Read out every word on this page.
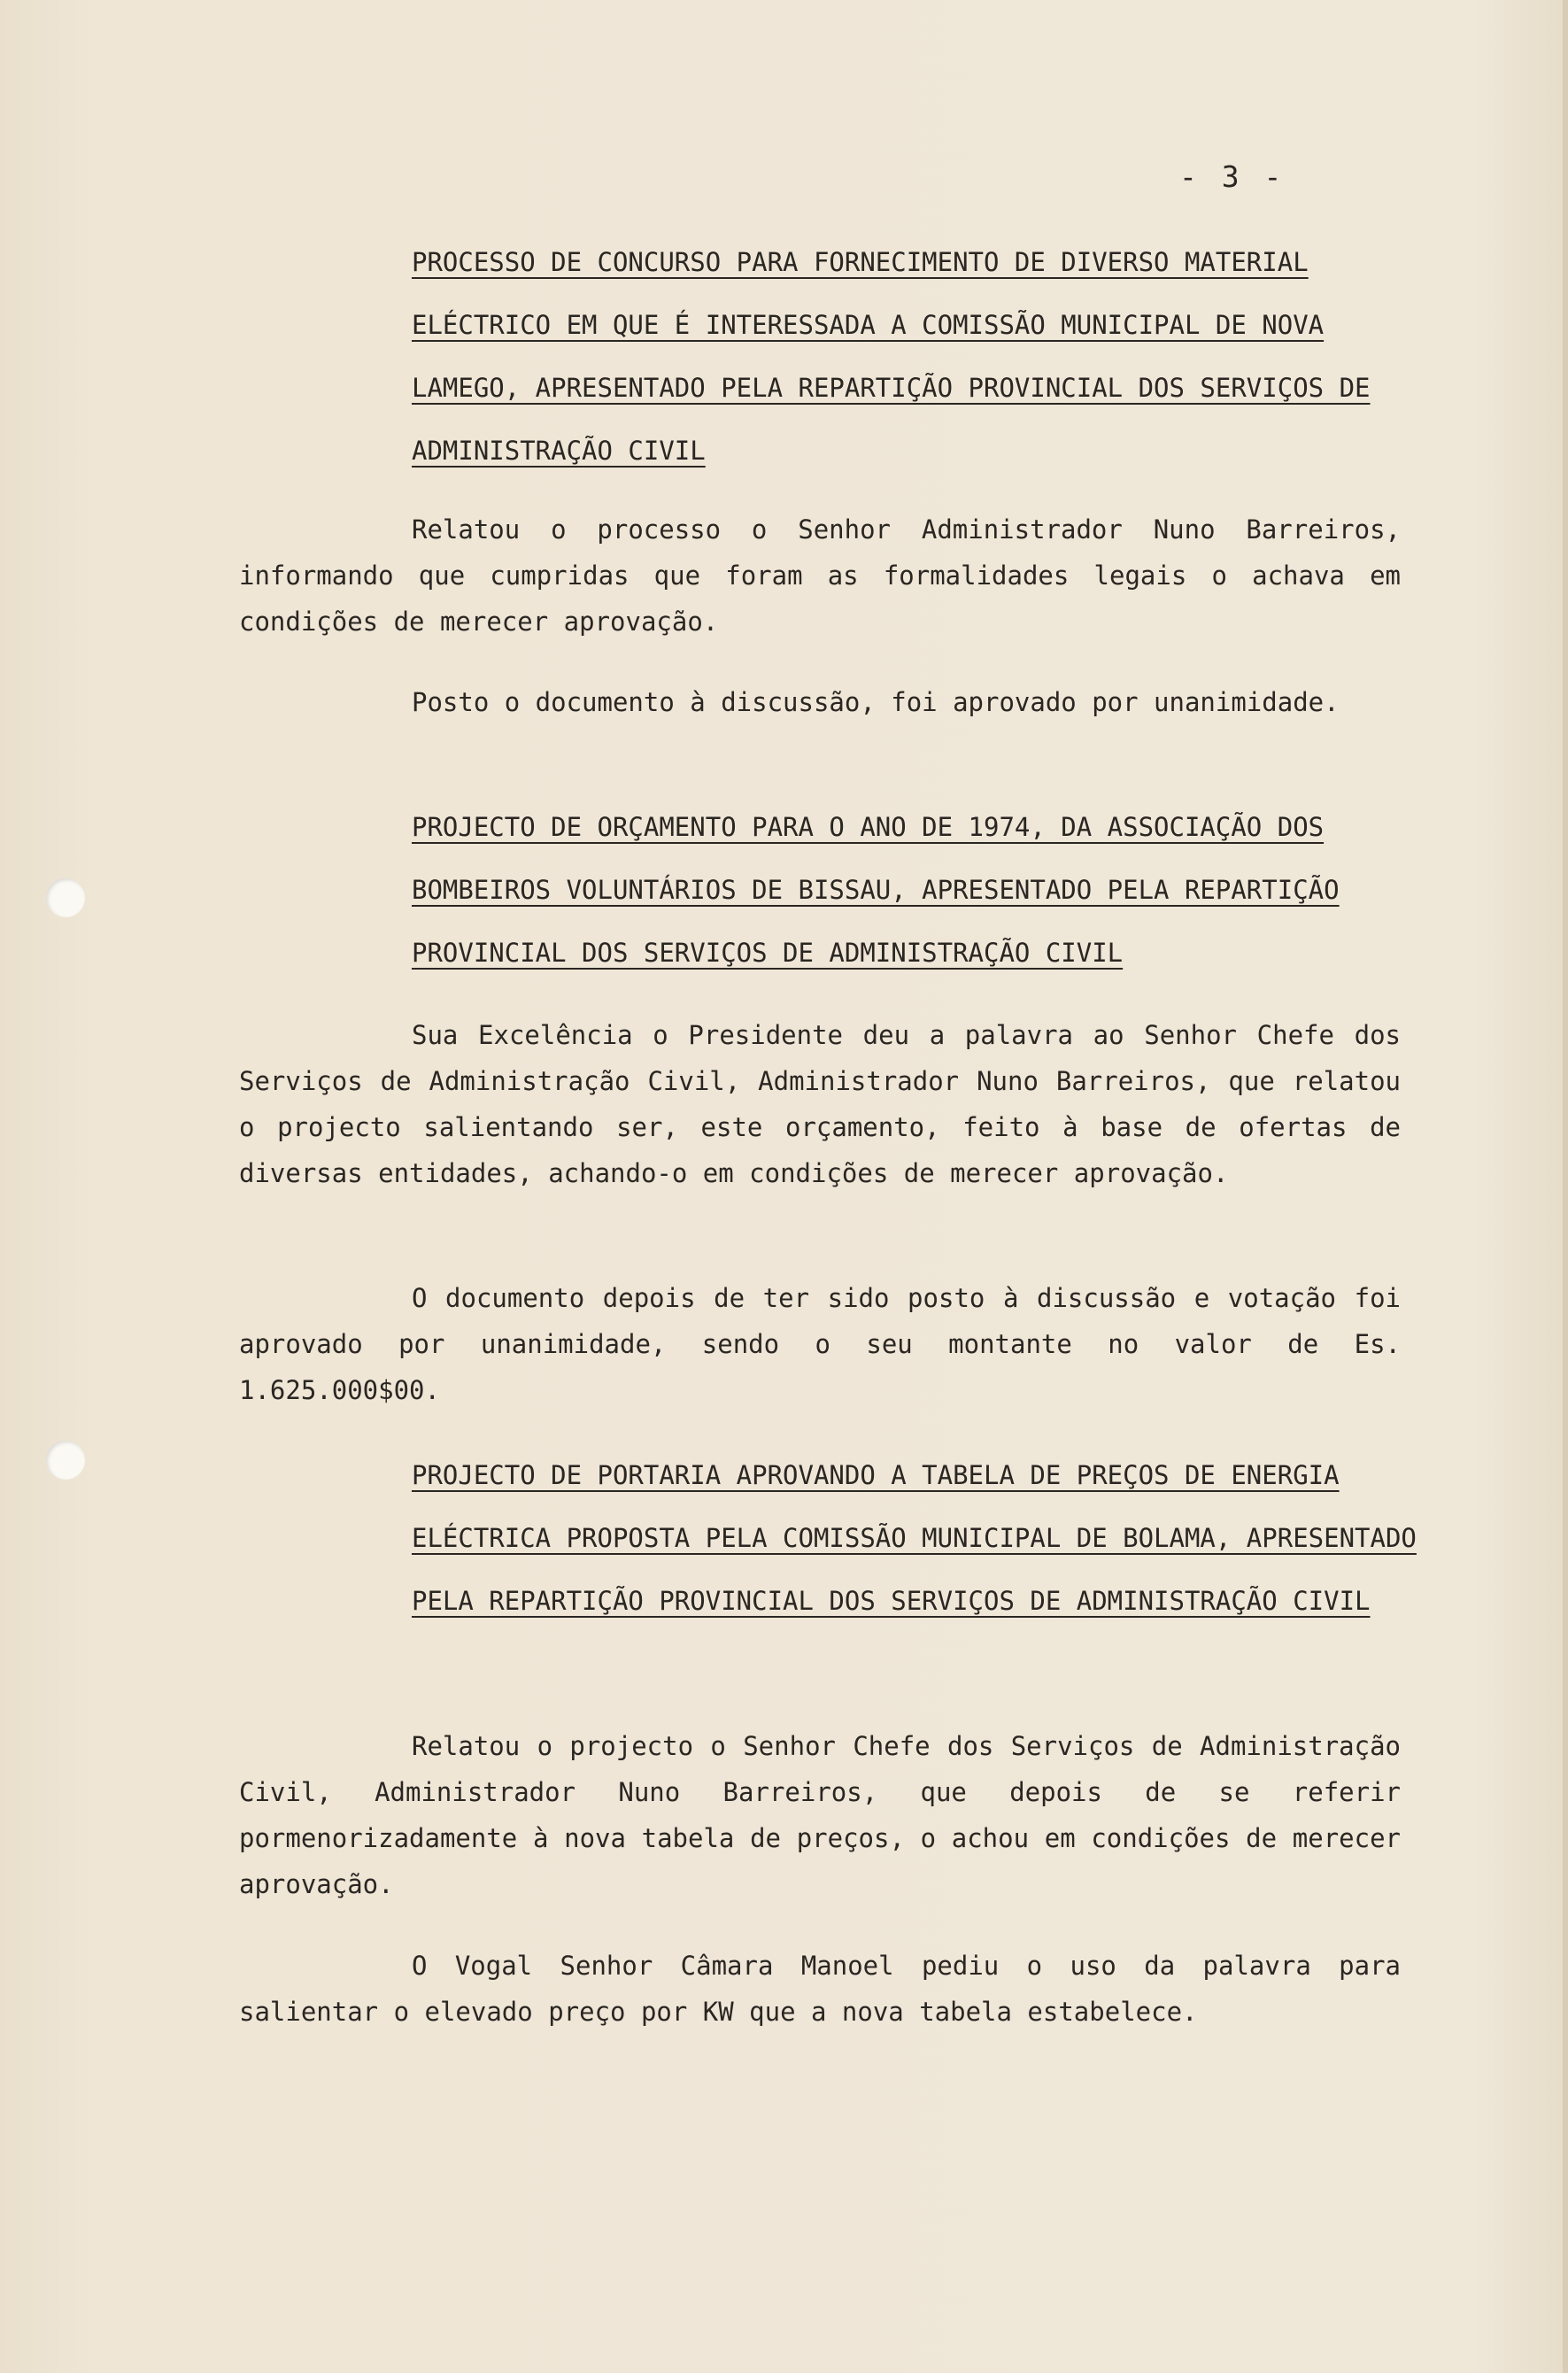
- 3 -
PROCESSO DE CONCURSO PARA FORNECIMENTO DE DIVERSO MATERIAL ELÉCTRICO EM QUE É INTERESSADA A COMISSÃO MUNICIPAL DE NOVA LAMEGO, APRESENTADO PELA REPARTIÇÃO PROVINCIAL DOS SERVIÇOS DE ADMINISTRAÇÃO CIVIL

Relatou o processo o Senhor Administrador Nuno Barreiros, informando que cumpridas que foram as formalidades legais o achava em condições de merecer aprovação.

Posto o documento à discussão, foi aprovado por unanimidade.

PROJECTO DE ORÇAMENTO PARA O ANO DE 1974, DA ASSOCIAÇÃO DOS BOMBEIROS VOLUNTÁRIOS DE BISSAU, APRESENTADO PELA REPARTIÇÃO PROVINCIAL DOS SERVIÇOS DE ADMINISTRAÇÃO CIVIL

Sua Excelência o Presidente deu a palavra ao Senhor Chefe dos Serviços de Administração Civil, Administrador Nuno Barreiros, que relatou o projecto salientando ser, este orçamento, feito à base de ofertas de diversas entidades, achando-o em condições de merecer aprovação.

O documento depois de ter sido posto à discussão e votação foi aprovado por unanimidade, sendo o seu montante no valor de Es. 1.625.000$00.

PROJECTO DE PORTARIA APROVANDO A TABELA DE PREÇOS DE ENERGIA ELÉCTRICA PROPOSTA PELA COMISSÃO MUNICIPAL DE BOLAMA, APRESENTADO PELA REPARTIÇÃO PROVINCIAL DOS SERVIÇOS DE ADMINISTRAÇÃO CIVIL

Relatou o projecto o Senhor Chefe dos Serviços de Administração Civil, Administrador Nuno Barreiros, que depois de se referir pormenorizadamente à nova tabela de preços, o achou em condições de merecer aprovação.

O Vogal Senhor Câmara Manoel pediu o uso da palavra para salientar o elevado preço por KW que a nova tabela estabelece.
